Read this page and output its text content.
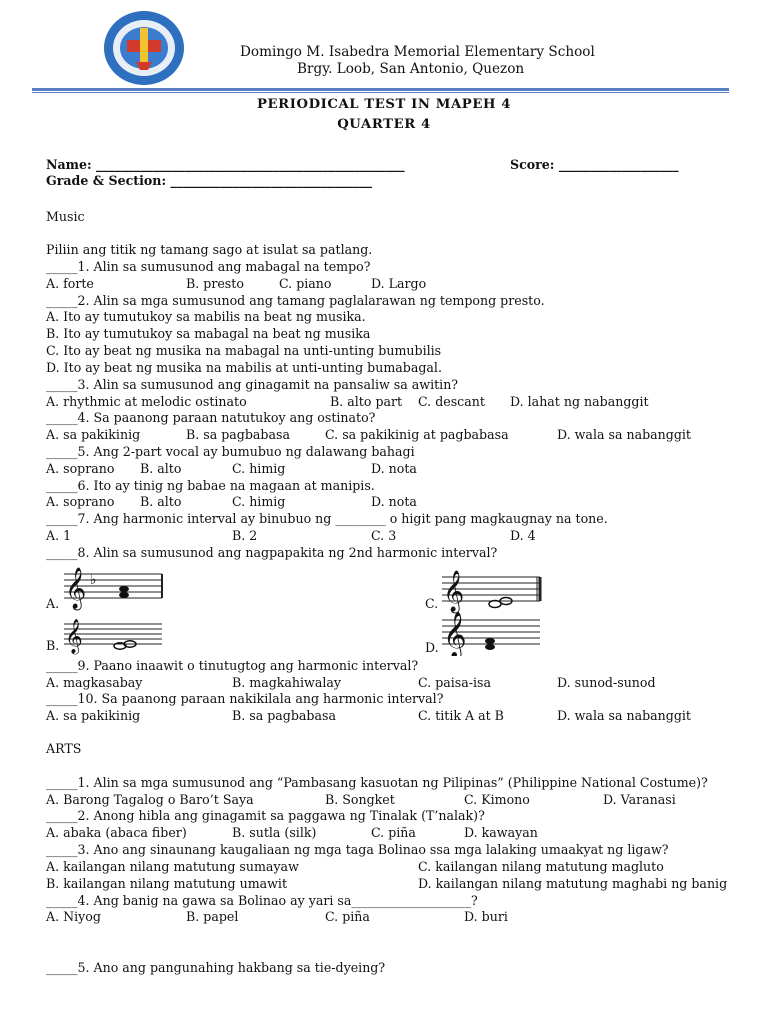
Domingo M. Isabedra Memorial Elementary School
Brgy. Loob, San Antonio, Quezon
PERIODICAL TEST IN MAPEH 4
QUARTER 4
Name: _________________________________________________	Score: ___________________
Grade & Section: ________________________________
Music
Piliin ang titik ng tamang sago at isulat sa patlang.
_____1. Alin sa sumusunod ang mabagal na tempo?
A. forte	B. presto	C. piano	D. Largo
_____2. Alin sa mga sumusunod ang tamang paglalarawan ng tempong presto.
A. Ito ay tumutukoy sa mabilis na beat ng musika.
B. Ito ay tumutukoy sa mabagal na beat ng musika
C. Ito ay beat ng musika na mabagal na unti-unting bumubilis
D. Ito ay beat ng musika na mabilis at unti-unting bumabagal.
_____3. Alin sa sumusunod ang ginagamit na pansaliw sa awitin?
A. rhythmic at melodic ostinato	B. alto part C. descant D. lahat ng nabanggit
_____4. Sa paanong paraan natutukoy ang ostinato?
A. sa pakikinig	B. sa pagbabasa	C. sa pakikinig at pagbabasa	D. wala sa nabanggit
_____5. Ang 2-part vocal ay bumubuo ng dalawang bahagi
A. soprano B. alto	C. himig	D. nota
_____6. Ito ay tinig ng babae na magaan at manipis.
A. soprano B. alto	C. himig	D. nota
_____7. Ang harmonic interval ay binubuo ng ________ o higit pang magkaugnay na tone.
A. 1	B. 2	C. 3	D. 4
_____8. Alin sa sumusunod ang nagpapakita ng 2nd harmonic interval?
A. 𝄞 ♭
C. 𝄞
B. 𝄞	D. 𝄞
_____9. Paano inaawit o tinutugtog ang harmonic interval?
A. magkasabay	B. magkahiwalay	C. paisa-isa	D. sunod-sunod
_____10. Sa paanong paraan nakikilala ang harmonic interval?
A. sa pakikinig	B. sa pagbabasa	C. titik A at B	D. wala sa nabanggit
ARTS
_____1. Alin sa mga sumusunod ang “Pambasang kasuotan ng Pilipinas” (Philippine National Costume)?
A. Barong Tagalog o Baro’t Saya	B. Songket	C. Kimono	D. Varanasi
_____2. Anong hibla ang ginagamit sa paggawa ng Tinalak (T’nalak)?
A. abaka (abaca fiber)	B. sutla (silk)	C. piña	D. kawayan
_____3. Ano ang sinaunang kaugaliaan ng mga taga Bolinao ssa mga lalaking umaakyat ng ligaw?
A. kailangan nilang matutung sumayaw	C. kailangan nilang matutung magluto
B. kailangan nilang matutung umawit	D. kailangan nilang matutung maghabi ng banig
_____4. Ang banig na gawa sa Bolinao ay yari sa___________________?
A. Niyog	B. papel	C. piña	D. buri
_____5. Ano ang pangunahing hakbang sa tie-dyeing?
